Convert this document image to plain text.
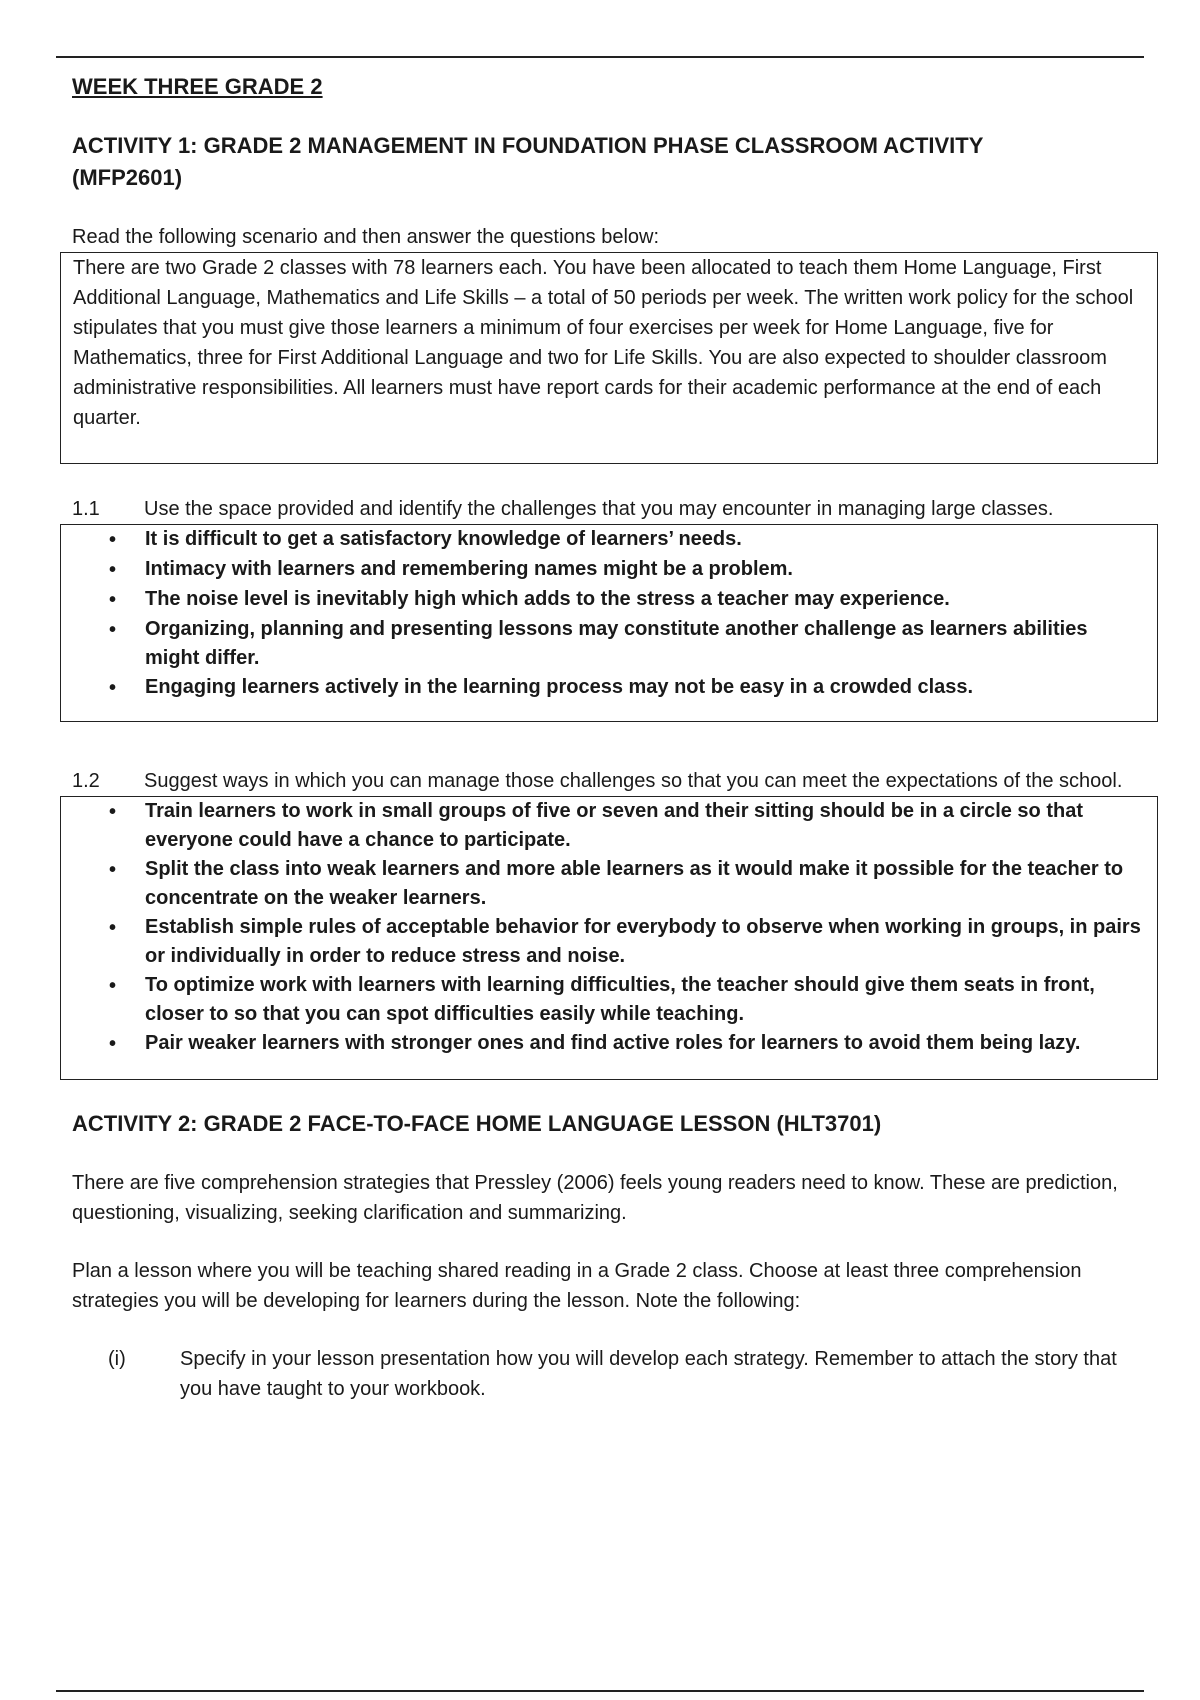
WEEK THREE GRADE 2
ACTIVITY 1: GRADE 2 MANAGEMENT IN FOUNDATION PHASE CLASSROOM ACTIVITY (MFP2601)

Read the following scenario and then answer the questions below:

There are two Grade 2 classes with 78 learners each. You have been allocated to teach them Home Language, First Additional Language, Mathematics and Life Skills – a total of 50 periods per week. The written work policy for the school stipulates that you must give those learners a minimum of four exercises per week for Home Language, five for Mathematics, three for First Additional Language and two for Life Skills. You are also expected to shoulder classroom administrative responsibilities. All learners must have report cards for their academic performance at the end of each quarter.

1.1	Use the space provided and identify the challenges that you may encounter in managing large classes.
•	It is difficult to get a satisfactory knowledge of learners’ needs.
•	Intimacy with learners and remembering names might be a problem.
•	The noise level is inevitably high which adds to the stress a teacher may experience.
•	Organizing, planning and presenting lessons may constitute another challenge as learners abilities might differ.
•	Engaging learners actively in the learning process may not be easy in a crowded class.
1.2	Suggest ways in which you can manage those challenges so that you can meet the expectations of the school.
•	Train learners to work in small groups of five or seven and their sitting should be in a circle so that everyone could have a chance to participate.
•	Split the class into weak learners and more able learners as it would make it possible for the teacher to concentrate on the weaker learners.
•	Establish simple rules of acceptable behavior for everybody to observe when working in groups, in pairs or individually in order to reduce stress and noise.
•	To optimize work with learners with learning difficulties, the teacher should give them seats in front, closer to so that you can spot difficulties easily while teaching.
•	Pair weaker learners with stronger ones and find active roles for learners to avoid them being lazy.
ACTIVITY 2: GRADE 2 FACE-TO-FACE HOME LANGUAGE LESSON (HLT3701)

There are five comprehension strategies that Pressley (2006) feels young readers need to know. These are prediction, questioning, visualizing, seeking clarification and summarizing.

Plan a lesson where you will be teaching shared reading in a Grade 2 class. Choose at least three comprehension strategies you will be developing for learners during the lesson. Note the following:

(i)	Specify in your lesson presentation how you will develop each strategy. Remember to attach the story that you have taught to your workbook.
